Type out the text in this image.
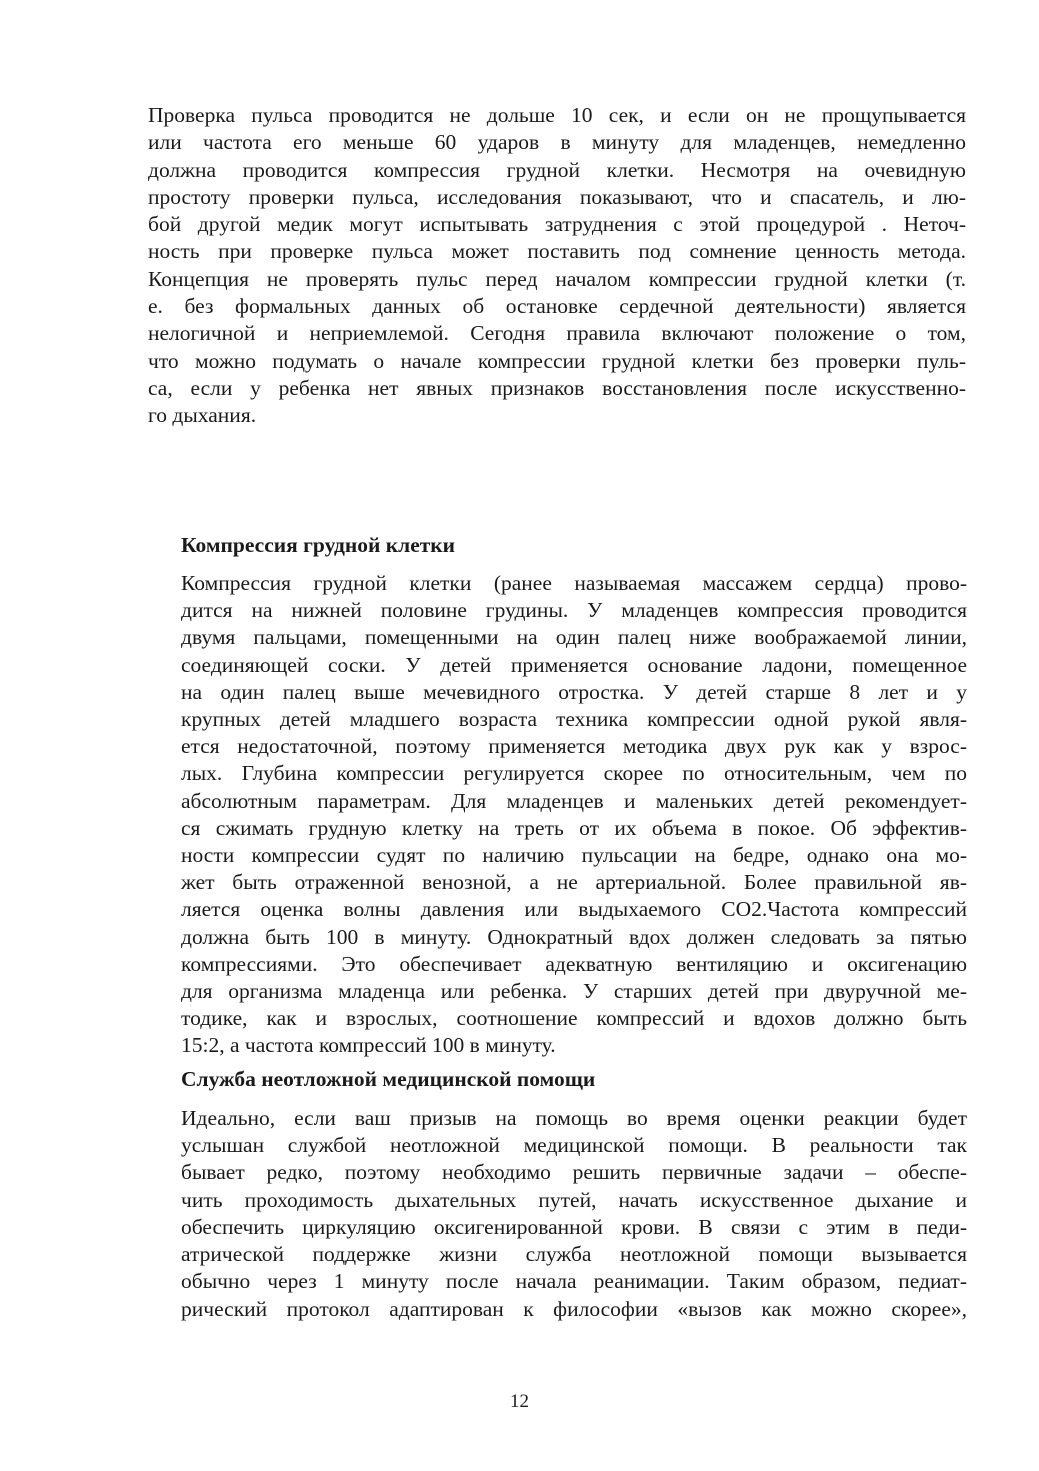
Проверка пульса проводится не дольше 10 сек, и если он не прощупывается
или частота его меньше 60 ударов в минуту для младенцев, немедленно
должна проводится компрессия грудной клетки. Несмотря на очевидную
простоту проверки пульса, исследования показывают, что и спасатель, и лю-
бой другой медик могут испытывать затруднения с этой процедурой . Неточ-
ность при проверке пульса может поставить под сомнение ценность метода.
Концепция не проверять пульс перед началом компрессии грудной клетки (т.
е. без формальных данных об остановке сердечной деятельности) является
нелогичной и неприемлемой. Сегодня правила включают положение о том,
что можно подумать о начале компрессии грудной клетки без проверки пуль-
са, если у ребенка нет явных признаков восстановления после искусственно-
го дыхания.

Компрессия грудной клетки

Компрессия грудной клетки (ранее называемая массажем сердца) прово-
дится на нижней половине грудины. У младенцев компрессия проводится
двумя пальцами, помещенными на один палец ниже воображаемой линии,
соединяющей соски. У детей применяется основание ладони, помещенное
на один палец выше мечевидного отростка. У детей старше 8 лет и у
крупных детей младшего возраста техника компрессии одной рукой явля-
ется недостаточной, поэтому применяется методика двух рук как у взрос-
лых. Глубина компрессии регулируется скорее по относительным, чем по
абсолютным параметрам. Для младенцев и маленьких детей рекомендует-
ся сжимать грудную клетку на треть от их объема в покое. Об эффектив-
ности компрессии судят по наличию пульсации на бедре, однако она мо-
жет быть отраженной венозной, а не артериальной. Более правильной яв-
ляется оценка волны давления или выдыхаемого CO2.Частота компрессий
должна быть 100 в минуту. Однократный вдох должен следовать за пятью
компрессиями. Это обеспечивает адекватную вентиляцию и оксигенацию
для организма младенца или ребенка. У старших детей при двуручной ме-
тодике, как и взрослых, соотношение компрессий и вдохов должно быть
15:2, а частота компрессий 100 в минуту.

Служба неотложной медицинской помощи

Идеально, если ваш призыв на помощь во время оценки реакции будет
услышан службой неотложной медицинской помощи. В реальности так
бывает редко, поэтому необходимо решить первичные задачи – обеспе-
чить проходимость дыхательных путей, начать искусственное дыхание и
обеспечить циркуляцию оксигенированной крови. В связи с этим в педи-
атрической поддержке жизни служба неотложной помощи вызывается
обычно через 1 минуту после начала реанимации. Таким образом, педиат-
рический протокол адаптирован к философии «вызов как можно скорее»,

12
